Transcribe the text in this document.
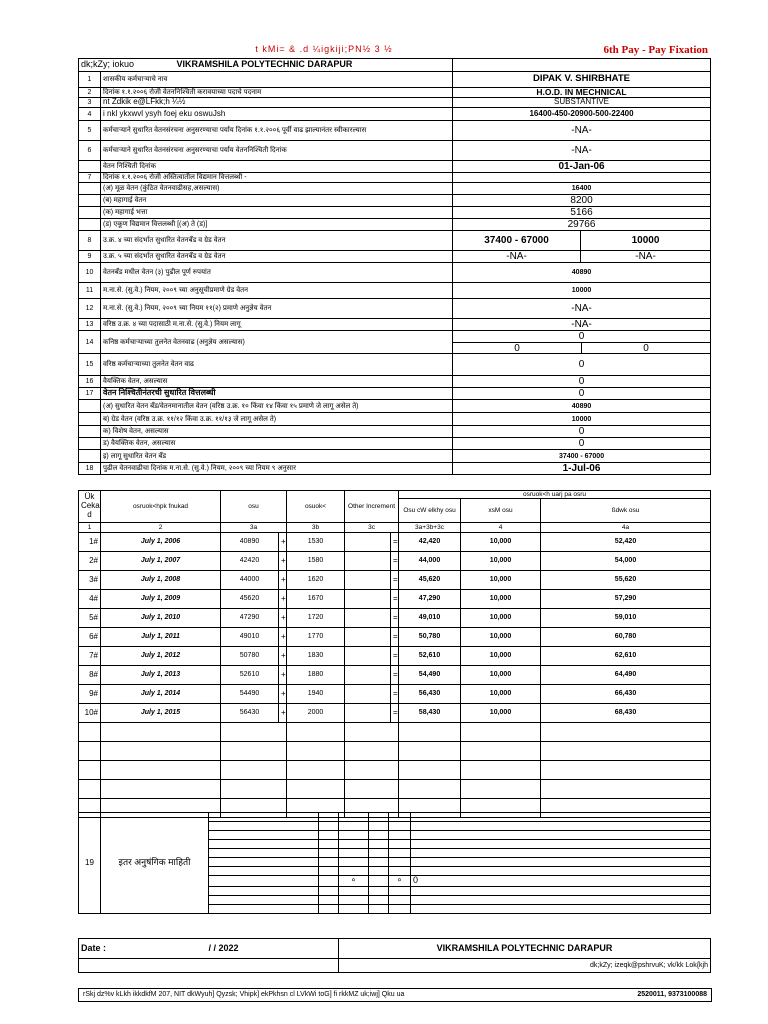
t kMi= & .d ¼igkiji;PN½ 3 ½	6th Pay - Pay Fixation
dk;kZy; iokuo VIKRAMSHILA POLYTECHNIC DARAPUR			
1	शासकीय कर्मचाऱ्याचे नाव	DIPAK V. SHIRBHATE	
2	दिनांक १.१.२००६ रोजी वेतननिश्चिती करावयाच्या पदाचे पदनाम	H.O.D. IN MECHNICAL	
3	nt Zdkik e@LFkk;h ¼½	SUBSTANTIVE	
4	i nkl ykxwvl ysyh foej eku oswuJsh	16400-450-20900-500-22400	
5	कर्मचाऱ्याने सुधारित वेतनसंरचना अनुसरण्याचा पर्याय दिनांक १.१.२००६ पूर्वी वाढ झाल्यानंतर स्वीकारल्यास	-NA-	
6	कर्मचाऱ्याने सुधारित वेतनसंरचना अनुसरण्याचा पर्याय वेतननिश्चिती दिनांक	-NA-	
	वेतन निश्चिती दिनांक	01-Jan-06	
7	दिनांक १.१.२००६ रोजी अस्तित्वातील विद्यमान वित्तलब्धी -		
	(अ) मूळ वेतन (कुंठित वेतनवाढीसह,असल्यास)	16400	
	(ब) महागाई वेतन	8200	
	(क) महागाई भत्ता	5166	
	(ड) एकूण विद्यमान वित्तलब्धी [(अ) ते (ड)]	29766	
8	उ.क्र. ४ च्या संदर्भात सुधारित वेतनबँड व ग्रेड वेतन	37400 - 67000	10000
9	उ.क्र. ५ च्या संदर्भात सुधारित वेतनबँड व ग्रेड वेतन	-NA-	-NA-
10	वेतनबँड मधील वेतन (३) पुढील पूर्ण रुपयांत	40890	
11	म.ना.से. (सु.वे.) नियम, २००९ च्या अनुसूचीप्रमाणे ग्रेड वेतन	10000	
12	म.ना.से. (सु.वे.) नियम, २००९ च्या नियम ११(२) प्रमाणे अनुज्ञेय वेतन	-NA-	
13	वरिष्ठ उ.क्र. ४ च्या पदासाठी म.ना.से. (सु.वे.) नियम लागू	-NA-	
14	कनिष्ठ कर्मचाऱ्याच्या तुलनेत वेतनवाढ (अनुज्ञेय असल्यास)	0
0 0	

15	वरिष्ठ कर्मचाऱ्याच्या तुलनेत वेतन वाढ	0	
16	वैयक्तिक वेतन, असल्यास	0	
17	वेतन निश्चितीनंतरची सुधारित वित्तलब्धी	0	
	(अ) सुधारित वेतन बँड/वेतनमानातील वेतन (वरिष्ठ उ.क्र. १० किंवा १४ किंवा १५ प्रमाणे जे लागू असेल ते)	40890	
	ब) ग्रेड वेतन (वरिष्ठ उ.क्र. ११/१२ किंवा उ.क्र. ११/१३ जे लागू असेल ते)	10000	
	क) विशेष वेतन, असल्यास	0	
	ड) वैयक्तिक वेतन, असल्यास	0	
	इ) लागू सुधारित वेतन बँड	37400 - 67000	
18	पुढील वेतनवाढीचा दिनांक म.ना.से. (सु.वे.) नियम, २००९ च्या नियम ९ अनुसार	1-Jul-06	
Ük Ceka d	osruok<hpk fnukad	osu		osuok<	Other Increment		osruok<h uarj pa osru		
							Osu cW elkhy osu	xsM osu	ßdwk osu
1	2	3a		3b	3c		3a+3b+3c	4	4a
1#	July 1, 2006	40890	+	1530		=	42,420	10,000	52,420
2#	July 1, 2007	42420	+	1580		=	44,000	10,000	54,000
3#	July 1, 2008	44000	+	1620		=	45,620	10,000	55,620
4#	July 1, 2009	45620	+	1670		=	47,290	10,000	57,290
5#	July 1, 2010	47290	+	1720		=	49,010	10,000	59,010
6#	July 1, 2011	49010	+	1770		=	50,780	10,000	60,780
7#	July 1, 2012	50780	+	1830		=	52,610	10,000	62,610
8#	July 1, 2013	52610	+	1880		=	54,490	10,000	64,490
9#	July 1, 2014	54490	+	1940		=	56,430	10,000	66,430
10#	July 1, 2015	56430	+	2000		=	58,430	10,000	68,430

19	इतर अनुषंगिक माहिती						

				०		०	0

Date : / / 2022	VIKRAMSHILA POLYTECHNIC DARAPUR
	dk;kZy; izeqk@pshrvuK; vk/kk Lok{kjh
rSkj dz%v kLkh ikkdkfM 207, NIT dkWyuh] Qyzsk; Vhipk] ekPkhsn cl LVkWi toG] fi rkkMZ uk;iwj] Qku ua	2520011, 9373100088
